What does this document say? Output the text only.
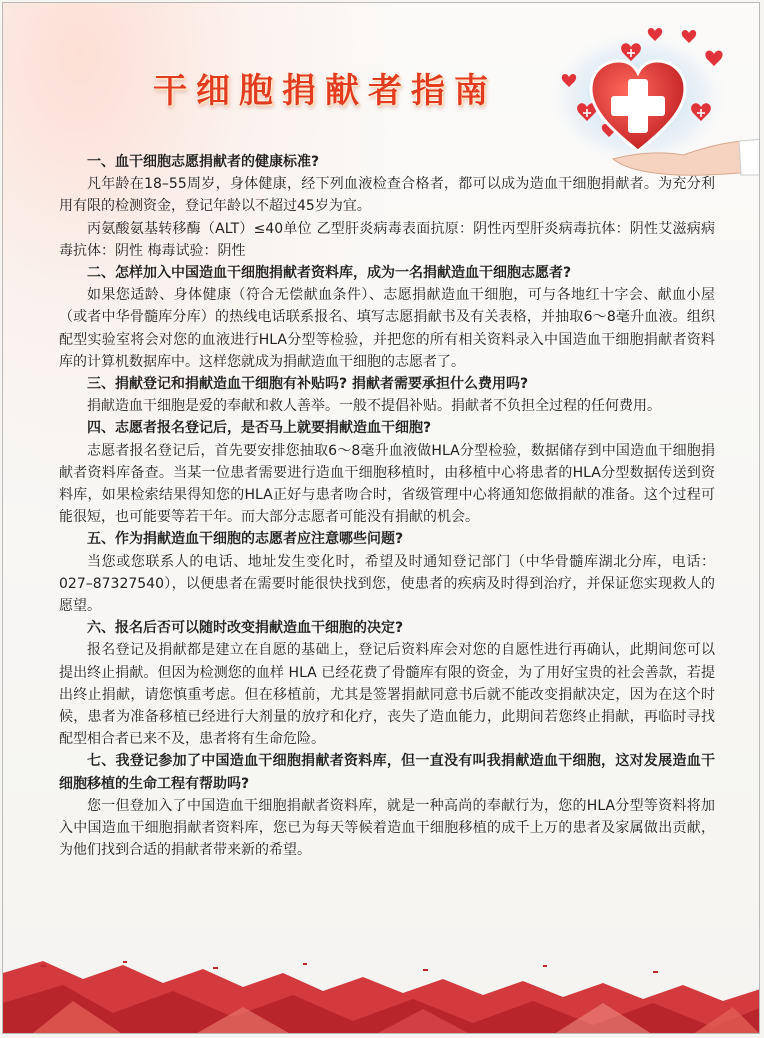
干细胞捐献者指南

一、血干细胞志愿捐献者的健康标准?

凡年龄在18–55周岁，身体健康，经下列血液检查合格者，都可以成为造血干细胞捐献者。为充分利用有限的检测资金，登记年龄以不超过45岁为宜。

丙氨酸氨基转移酶（ALT）≤40单位 乙型肝炎病毒表面抗原：阴性丙型肝炎病毒抗体：阴性艾滋病病毒抗体：阴性 梅毒试验：阴性

二、怎样加入中国造血干细胞捐献者资料库，成为一名捐献造血干细胞志愿者?

如果您适龄、身体健康（符合无偿献血条件）、志愿捐献造血干细胞，可与各地红十字会、献血小屋（或者中华骨髓库分库）的热线电话联系报名、填写志愿捐献书及有关表格，并抽取6～8毫升血液。组织配型实验室将会对您的血液进行HLA分型等检验，并把您的所有相关资料录入中国造血干细胞捐献者资料库的计算机数据库中。这样您就成为捐献造血干细胞的志愿者了。

三、捐献登记和捐献造血干细胞有补贴吗? 捐献者需要承担什么费用吗?

捐献造血干细胞是爱的奉献和救人善举。一般不提倡补贴。捐献者不负担全过程的任何费用。

四、志愿者报名登记后，是否马上就要捐献造血干细胞?

志愿者报名登记后，首先要安排您抽取6～8毫升血液做HLA分型检验，数据储存到中国造血干细胞捐献者资料库备查。当某一位患者需要进行造血干细胞移植时，由移植中心将患者的HLA分型数据传送到资料库，如果检索结果得知您的HLA正好与患者吻合时，省级管理中心将通知您做捐献的准备。这个过程可能很短，也可能要等若干年。而大部分志愿者可能没有捐献的机会。

五、作为捐献造血干细胞的志愿者应注意哪些问题?

当您或您联系人的电话、地址发生变化时，希望及时通知登记部门（中华骨髓库湖北分库，电话：027–87327540），以便患者在需要时能很快找到您，使患者的疾病及时得到治疗，并保证您实现救人的愿望。

六、报名后否可以随时改变捐献造血干细胞的决定?

报名登记及捐献都是建立在自愿的基础上，登记后资料库会对您的自愿性进行再确认，此期间您可以提出终止捐献。但因为检测您的血样 HLA 已经花费了骨髓库有限的资金，为了用好宝贵的社会善款，若提出终止捐献，请您慎重考虑。但在移植前，尤其是签署捐献同意书后就不能改变捐献决定，因为在这个时候，患者为准备移植已经进行大剂量的放疗和化疗，丧失了造血能力，此期间若您终止捐献，再临时寻找配型相合者已来不及，患者将有生命危险。

七、我登记参加了中国造血干细胞捐献者资料库，但一直没有叫我捐献造血干细胞，这对发展造血干细胞移植的生命工程有帮助吗?

您一但登加入了中国造血干细胞捐献者资料库，就是一种高尚的奉献行为，您的HLA分型等资料将加入中国造血干细胞捐献者资料库，您已为每天等候着造血干细胞移植的成千上万的患者及家属做出贡献，为他们找到合适的捐献者带来新的希望。
